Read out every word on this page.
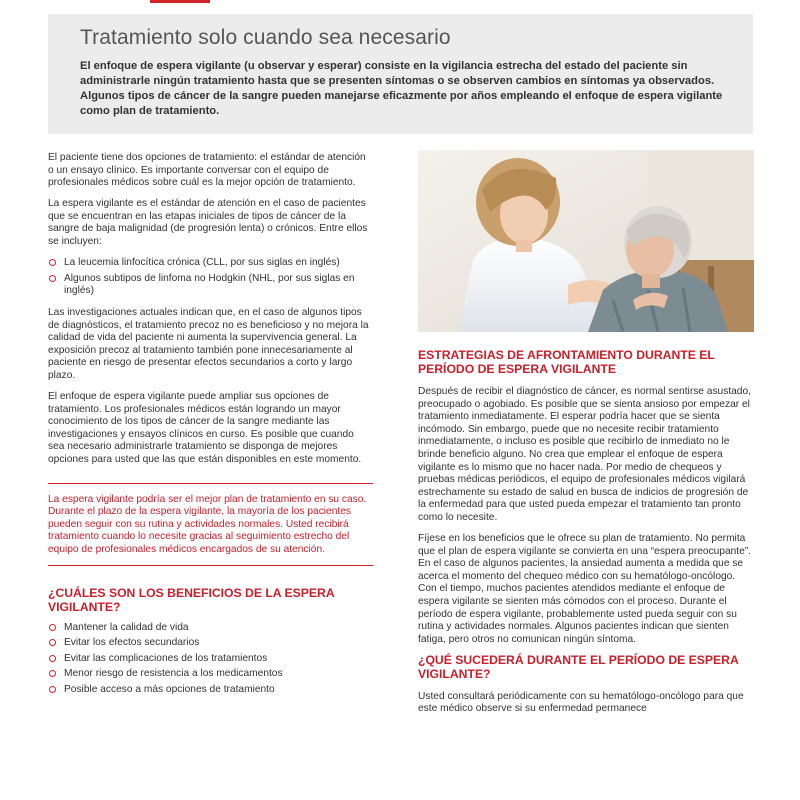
Tratamiento solo cuando sea necesario

El enfoque de espera vigilante (u observar y esperar) consiste en la vigilancia estrecha del estado del paciente sin administrarle ningún tratamiento hasta que se presenten síntomas o se observen cambios en síntomas ya observados. Algunos tipos de cáncer de la sangre pueden manejarse eficazmente por años empleando el enfoque de espera vigilante como plan de tratamiento.

El paciente tiene dos opciones de tratamiento: el estándar de atención o un ensayo clínico. Es importante conversar con el equipo de profesionales médicos sobre cuál es la mejor opción de tratamiento.

La espera vigilante es el estándar de atención en el caso de pacientes que se encuentran en las etapas iniciales de tipos de cáncer de la sangre de baja malignidad (de progresión lenta) o crónicos. Entre ellos se incluyen:

La leucemia linfocítica crónica (CLL, por sus siglas en inglés)
Algunos subtipos de linfoma no Hodgkin (NHL, por sus siglas en inglés)

Las investigaciones actuales indican que, en el caso de algunos tipos de diagnósticos, el tratamiento precoz no es beneficioso y no mejora la calidad de vida del paciente ni aumenta la supervivencia general. La exposición precoz al tratamiento también pone innecesariamente al paciente en riesgo de presentar efectos secundarios a corto y largo plazo.

El enfoque de espera vigilante puede ampliar sus opciones de tratamiento. Los profesionales médicos están logrando un mayor conocimiento de los tipos de cáncer de la sangre mediante las investigaciones y ensayos clínicos en curso. Es posible que cuando sea necesario administrarle tratamiento se disponga de mejores opciones para usted que las que están disponibles en este momento.

La espera vigilante podría ser el mejor plan de tratamiento en su caso. Durante el plazo de la espera vigilante, la mayoría de los pacientes pueden seguir con su rutina y actividades normales. Usted recibirá tratamiento cuando lo necesite gracias al seguimiento estrecho del equipo de profesionales médicos encargados de su atención.
¿CUÁLES SON LOS BENEFICIOS DE LA ESPERA VIGILANTE?
Mantener la calidad de vida
Evitar los efectos secundarios
Evitar las complicaciones de los tratamientos
Menor riesgo de resistencia a los medicamentos
Posible acceso a más opciones de tratamiento
ESTRATEGIAS DE AFRONTAMIENTO DURANTE EL PERÍODO DE ESPERA VIGILANTE

Después de recibir el diagnóstico de cáncer, es normal sentirse asustado, preocupado o agobiado. Es posible que se sienta ansioso por empezar el tratamiento inmediatamente. El esperar podría hacer que se sienta incómodo. Sin embargo, puede que no necesite recibir tratamiento inmediatamente, o incluso es posible que recibirlo de inmediato no le brinde beneficio alguno. No crea que emplear el enfoque de espera vigilante es lo mismo que no hacer nada. Por medio de chequeos y pruebas médicas periódicos, el equipo de profesionales médicos vigilará estrechamente su estado de salud en busca de indicios de progresión de la enfermedad para que usted pueda empezar el tratamiento tan pronto como lo necesite.

Fíjese en los beneficios que le ofrece su plan de tratamiento. No permita que el plan de espera vigilante se convierta en una “espera preocupante”. En el caso de algunos pacientes, la ansiedad aumenta a medida que se acerca el momento del chequeo médico con su hematólogo-oncólogo. Con el tiempo, muchos pacientes atendidos mediante el enfoque de espera vigilante se sienten más cómodos con el proceso. Durante el período de espera vigilante, probablemente usted pueda seguir con su rutina y actividades normales. Algunos pacientes indican que sienten fatiga, pero otros no comunican ningún síntoma.

¿QUÉ SUCEDERÁ DURANTE EL PERÍODO DE ESPERA VIGILANTE?

Usted consultará periódicamente con su hematólogo-oncólogo para que este médico observe si su enfermedad permanece
